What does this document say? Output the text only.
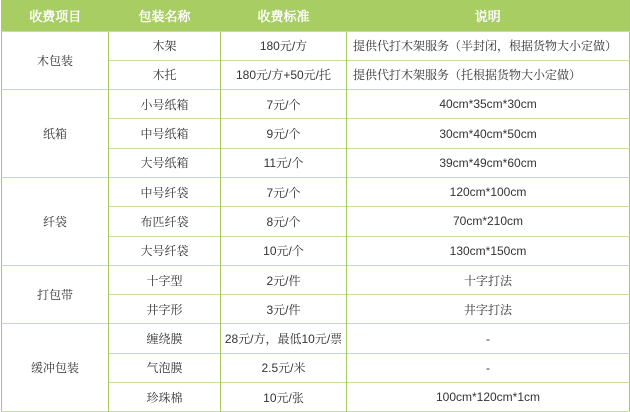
收费项目	包装名称	收费标准	说明
木包装	木架	180元/方	提供代打木架服务（半封闭，根据货物大小定做）
	木托	180元/方+50元/托	提供代打木架服务（托根据货物大小定做）
纸箱	小号纸箱	7元/个	40cm*35cm*30cm
	中号纸箱	9元/个	30cm*40cm*50cm
	大号纸箱	11元/个	39cm*49cm*60cm
纤袋	中号纤袋	7元/个	120cm*100cm
	布匹纤袋	8元/个	70cm*210cm
	大号纤袋	10元/个	130cm*150cm
打包带	十字型	2元/件	十字打法
	井字形	3元/件	井字打法
缓冲包装	缠绕膜	28元/方，最低10元/票	-
	气泡膜	2.5元/米	-
	珍珠棉	10元/张	100cm*120cm*1cm
